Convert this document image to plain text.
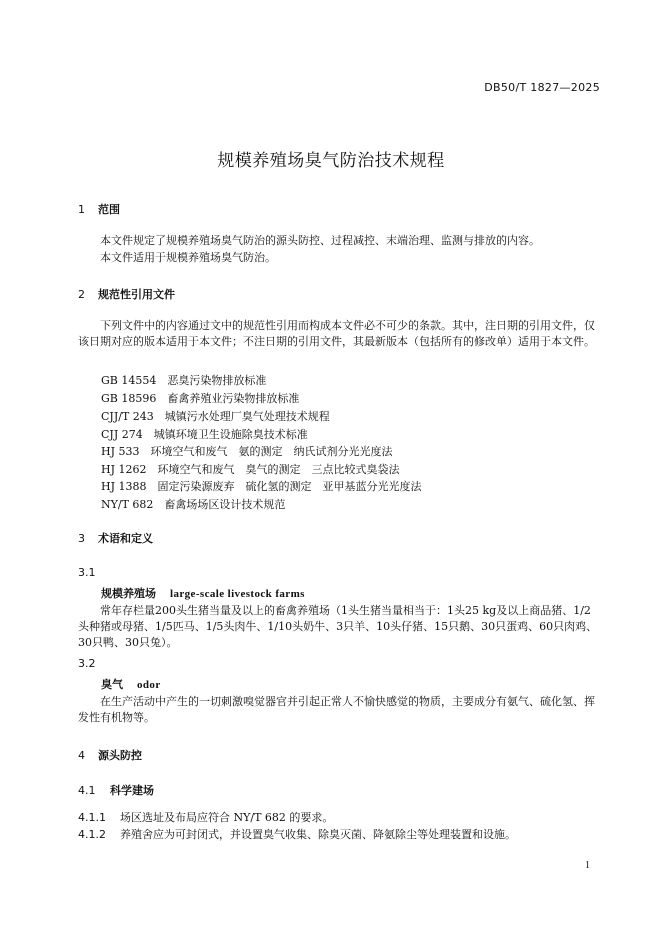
DB50/T 1827—2025
规模养殖场臭气防治技术规程
1 范围
本文件规定了规模养殖场臭气防治的源头防控、过程减控、末端治理、监测与排放的内容。
本文件适用于规模养殖场臭气防治。
2 规范性引用文件
下列文件中的内容通过文中的规范性引用而构成本文件必不可少的条款。其中，注日期的引用文件，仅该日期对应的版本适用于本文件；不注日期的引用文件，其最新版本（包括所有的修改单）适用于本文件。
GB 14554　恶臭污染物排放标准
GB 18596　畜禽养殖业污染物排放标准
CJJ/T 243　城镇污水处理厂臭气处理技术规程
CJJ 274　城镇环境卫生设施除臭技术标准
HJ 533　环境空气和废气　氨的测定　纳氏试剂分光光度法
HJ 1262　环境空气和废气　臭气的测定　三点比较式臭袋法
HJ 1388　固定污染源废弃　硫化氢的测定　亚甲基蓝分光光度法
NY/T 682　畜禽场场区设计技术规范
3 术语和定义
3.1
规模养殖场 large-scale livestock farms
常年存栏量200头生猪当量及以上的畜禽养殖场（1头生猪当量相当于：1头25 kg及以上商品猪、1/2头种猪或母猪、1/5匹马、1/5头肉牛、1/10头奶牛、3只羊、10头仔猪、15只鹅、30只蛋鸡、60只肉鸡、30只鸭、30只兔）。
3.2
臭气 odor
在生产活动中产生的一切刺激嗅觉器官并引起正常人不愉快感觉的物质，主要成分有氨气、硫化氢、挥发性有机物等。
4 源头防控
4.1 科学建场
4.1.1 场区选址及布局应符合 NY/T 682 的要求。
4.1.2 养殖舍应为可封闭式，并设置臭气收集、除臭灭菌、降氨除尘等处理装置和设施。
1
